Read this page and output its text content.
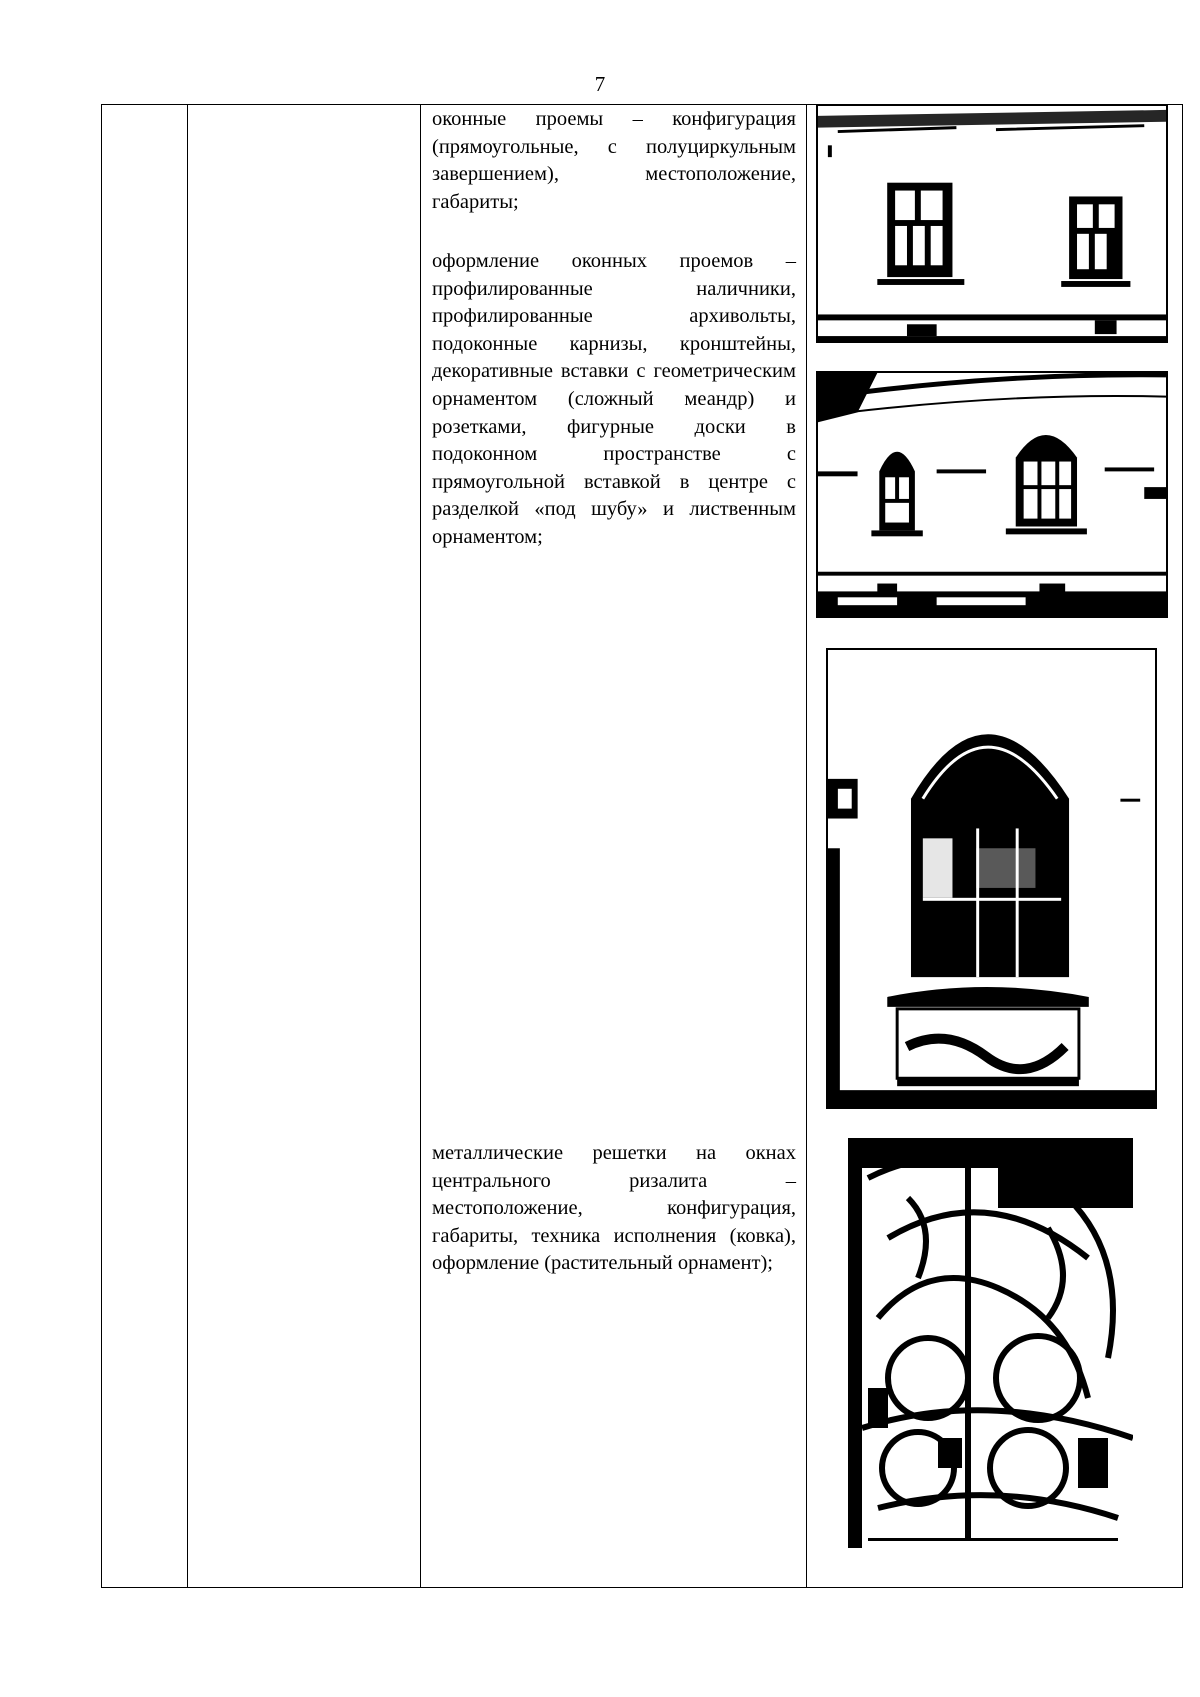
7

оконные проемы – конфигурация (прямоугольные, с полуциркульным завершением), местоположение, габариты;

оформление оконных проемов – профилированные наличники, профилированные архивольты, подоконные карнизы, кронштейны, декоративные вставки с геометрическим орнаментом (сложный меандр) и розетками, фигурные доски в подоконном пространстве с прямоугольной вставкой в центре с разделкой «под шубу» и лиственным орнаментом;

металлические решетки на окнах центрального ризалита – местоположение, конфигурация, габариты, техника исполнения (ковка), оформление (растительный орнамент);
